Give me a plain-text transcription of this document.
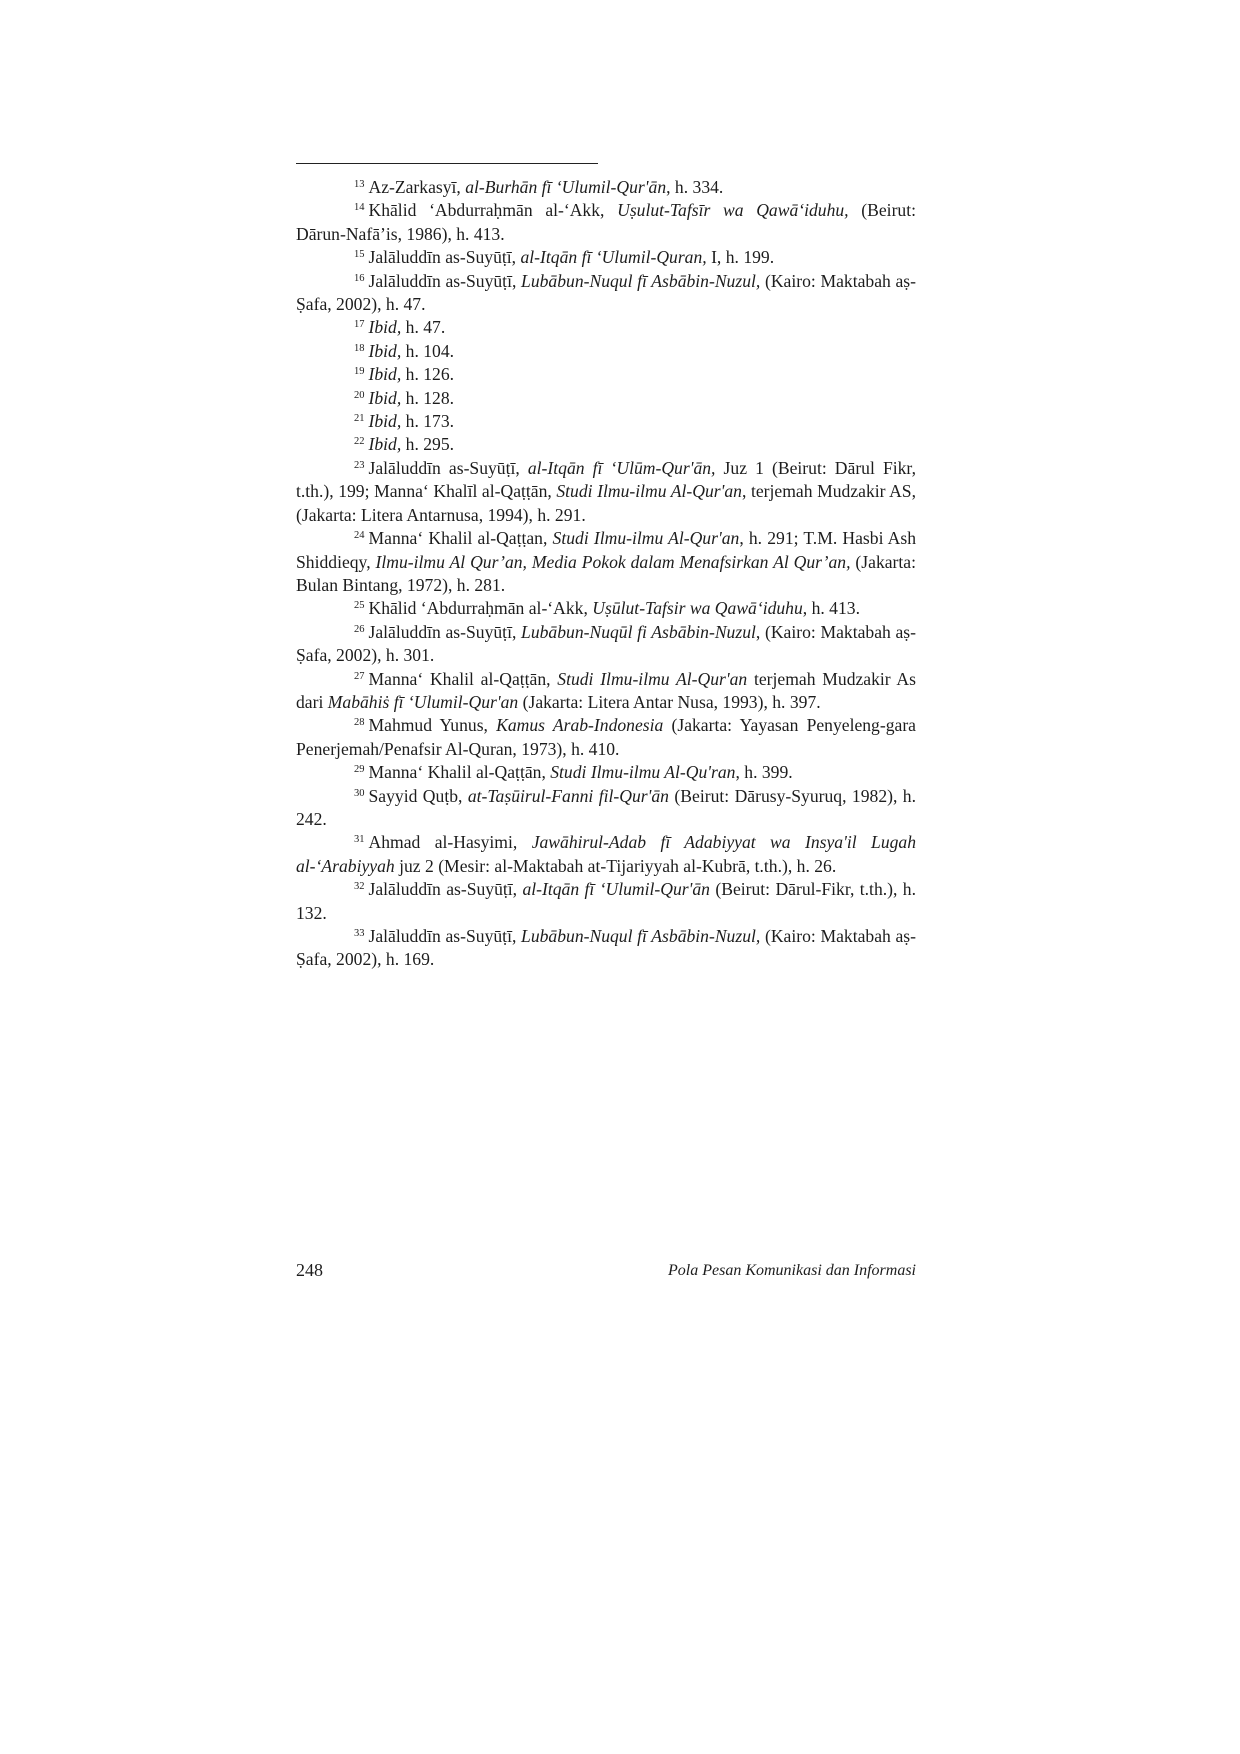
$^{13}$ Az-Zarkasyī, al-Burhān fī ‘Ulumil-Qur'ān, h. 334.

$^{14}$ Khālid ‘Abdurraḥmān al-‘Akk, Uṣulut-Tafsīr wa Qawā‘iduhu, (Beirut: Dārun-Nafā’is, 1986), h. 413.

$^{15}$ Jalāluddīn as-Suyūṭī, al-Itqān fī ‘Ulumil-Quran, I, h. 199.

$^{16}$ Jalāluddīn as-Suyūṭī, Lubābun-Nuqul fī Asbābin-Nuzul, (Kairo: Maktabah aṣ-Ṣafa, 2002), h. 47.

$^{17}$ Ibid, h. 47.

$^{18}$ Ibid, h. 104.

$^{19}$ Ibid, h. 126.

$^{20}$ Ibid, h. 128.

$^{21}$ Ibid, h. 173.

$^{22}$ Ibid, h. 295.

$^{23}$ Jalāluddīn as-Suyūṭī, al-Itqān fī ‘Ulūm-Qur'ān, Juz 1 (Beirut: Dārul Fikr, t.th.), 199; Manna‘ Khalīl al-Qaṭṭān, Studi Ilmu-ilmu Al-Qur'an, terjemah Mudzakir AS, (Jakarta: Litera Antarnusa, 1994), h. 291.

$^{24}$ Manna‘ Khalil al-Qaṭṭan, Studi Ilmu-ilmu Al-Qur'an, h. 291; T.M. Hasbi Ash Shiddieqy, Ilmu-ilmu Al Qur’an, Media Pokok dalam Menafsirkan Al Qur’an, (Jakarta: Bulan Bintang, 1972), h. 281.

$^{25}$ Khālid ‘Abdurraḥmān al-‘Akk, Uṣūlut-Tafsir wa Qawā‘iduhu, h. 413.

$^{26}$ Jalāluddīn as-Suyūṭī, Lubābun-Nuqūl fi Asbābin-Nuzul, (Kairo: Maktabah aṣ-Ṣafa, 2002), h. 301.

$^{27}$ Manna‘ Khalil al-Qaṭṭān, Studi Ilmu-ilmu Al-Qur'an terjemah Mudzakir As dari Mabāhiṡ fī ‘Ulumil-Qur'an (Jakarta: Litera Antar Nusa, 1993), h. 397.

$^{28}$ Mahmud Yunus, Kamus Arab-Indonesia (Jakarta: Yayasan Penyeleng-gara Penerjemah/Penafsir Al-Quran, 1973), h. 410.

$^{29}$ Manna‘ Khalil al-Qaṭṭān, Studi Ilmu-ilmu Al-Qu'ran, h. 399.

$^{30}$ Sayyid Quṭb, at-Taṣūirul-Fanni fil-Qur'ān (Beirut: Dārusy-Syuruq, 1982), h. 242.

$^{31}$ Ahmad al-Hasyimi, Jawāhirul-Adab fī Adabiyyat wa Insya'il Lugah al-‘Arabiyyah juz 2 (Mesir: al-Maktabah at-Tijariyyah al-Kubrā, t.th.), h. 26.

$^{32}$ Jalāluddīn as-Suyūṭī, al-Itqān fī ‘Ulumil-Qur'ān (Beirut: Dārul-Fikr, t.th.), h. 132.

$^{33}$ Jalāluddīn as-Suyūṭī, Lubābun-Nuqul fī Asbābin-Nuzul, (Kairo: Maktabah aṣ-Ṣafa, 2002), h. 169.

248	Pola Pesan Komunikasi dan Informasi
